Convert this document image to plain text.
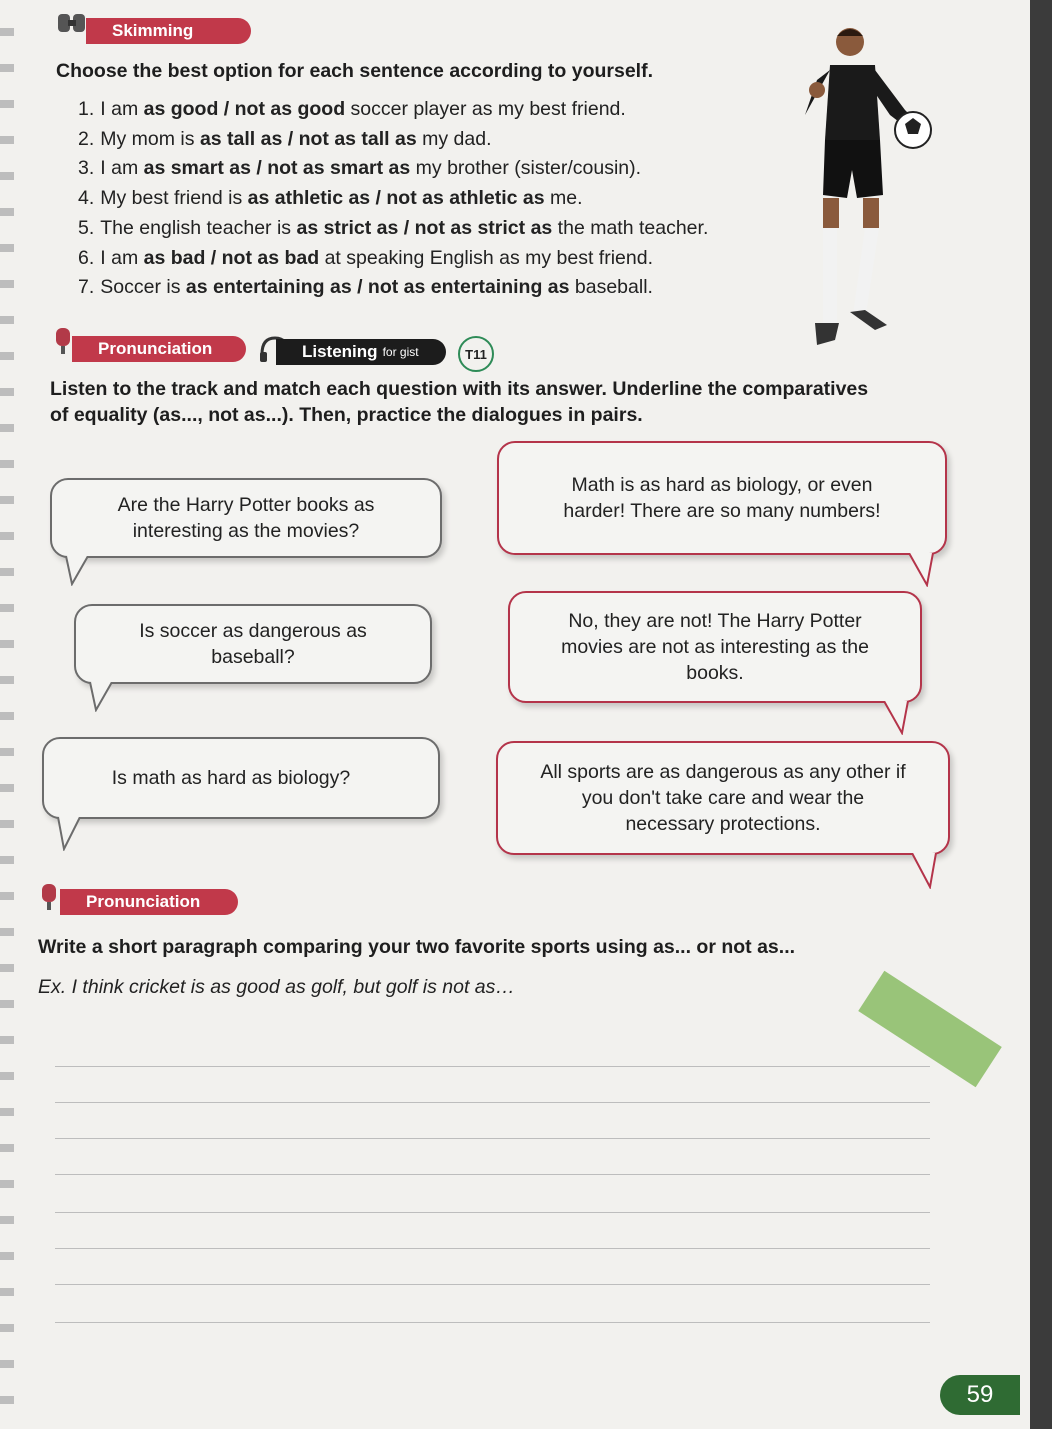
Skimming
Choose the best option for each sentence according to yourself.
1. I am as good / not as good soccer player as my best friend.
2. My mom is as tall as / not as tall as my dad.
3. I am as smart as / not as smart as my brother (sister/cousin).
4. My best friend is as athletic as / not as athletic as me.
5. The english teacher is as strict as / not as strict as the math teacher.
6. I am as bad / not as bad at speaking English as my best friend.
7. Soccer is as entertaining as / not as entertaining as baseball.
Pronunciation	Listening for gist	T11
Listen to the track and match each question with its answer. Underline the comparatives
of equality (as..., not as...). Then, practice the dialogues in pairs.
Are the Harry Potter books as interesting as the movies?
Is soccer as dangerous as baseball?
Is math as hard as biology?
Math is as hard as biology, or even harder! There are so many numbers!
No, they are not! The Harry Potter movies are not as interesting as the books.
All sports are as dangerous as any other if you don't take care and wear the necessary protections.
Pronunciation
Write a short paragraph comparing your two favorite sports using as... or not as...
Ex. I think cricket is as good as golf, but golf is not as…
59
